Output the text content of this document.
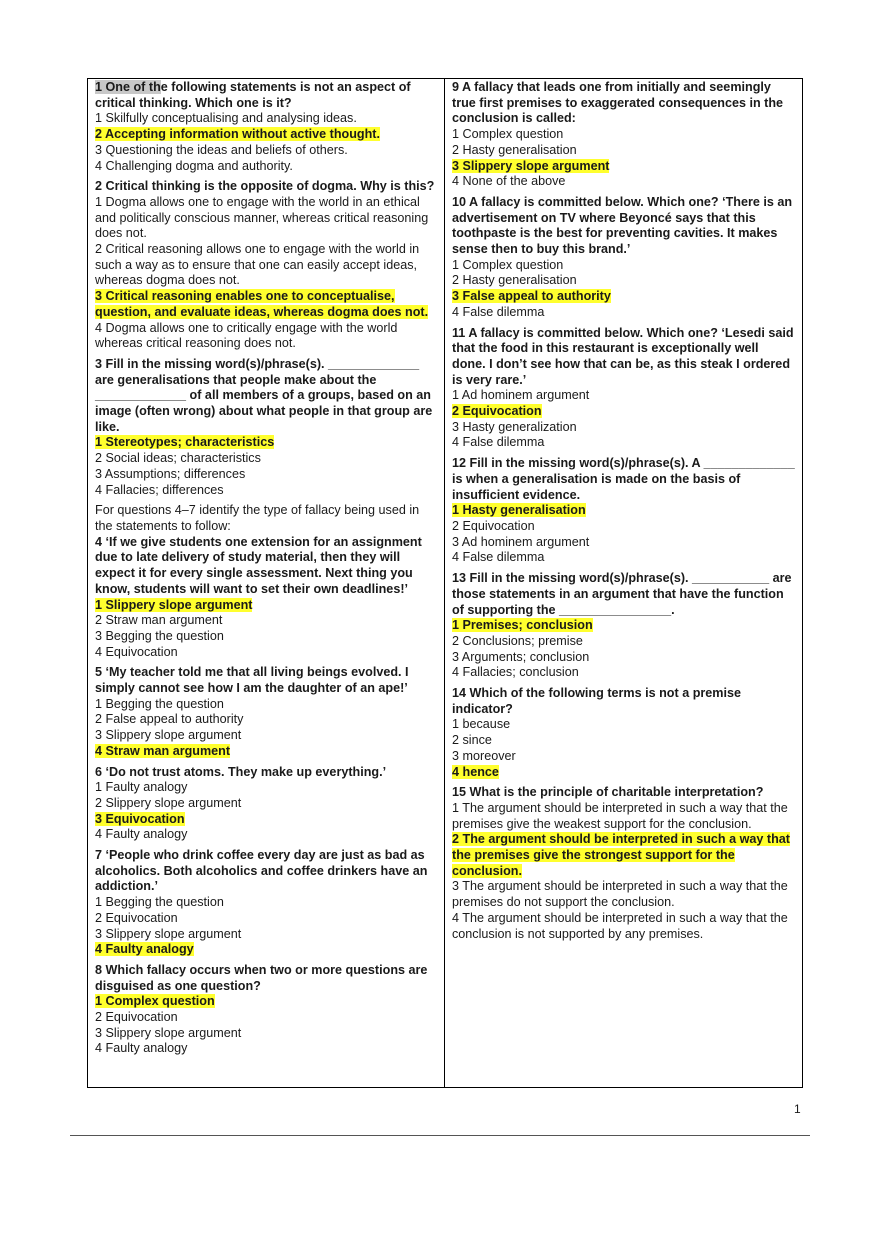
1 One of the following statements is not an aspect of critical thinking. Which one is it?

1 Skilfully conceptualising and analysing ideas.

2 Accepting information without active thought.

3 Questioning the ideas and beliefs of others.

4 Challenging dogma and authority.

2 Critical thinking is the opposite of dogma. Why is this?

1 Dogma allows one to engage with the world in an ethical and politically conscious manner, whereas critical reasoning does not.

2 Critical reasoning allows one to engage with the world in such a way as to ensure that one can easily accept ideas, whereas dogma does not.

3 Critical reasoning enables one to conceptualise, question, and evaluate ideas, whereas dogma does not.

4 Dogma allows one to critically engage with the world whereas critical reasoning does not.

3 Fill in the missing word(s)/phrase(s). _____________ are generalisations that people make about the _____________ of all members of a groups, based on an image (often wrong) about what people in that group are like.

1 Stereotypes; characteristics

2 Social ideas; characteristics

3 Assumptions; differences

4 Fallacies; differences

For questions 4–7 identify the type of fallacy being used in the statements to follow:

4 ‘If we give students one extension for an assignment due to late delivery of study material, then they will expect it for every single assessment. Next thing you know, students will want to set their own deadlines!’

1 Slippery slope argument

2 Straw man argument

3 Begging the question

4 Equivocation

5 ‘My teacher told me that all living beings evolved. I simply cannot see how I am the daughter of an ape!’

1 Begging the question

2 False appeal to authority

3 Slippery slope argument

4 Straw man argument

6 ‘Do not trust atoms. They make up everything.’

1 Faulty analogy

2 Slippery slope argument

3 Equivocation

4 Faulty analogy

7 ‘People who drink coffee every day are just as bad as alcoholics. Both alcoholics and coffee drinkers have an addiction.’

1 Begging the question

2 Equivocation

3 Slippery slope argument

4 Faulty analogy

8 Which fallacy occurs when two or more questions are disguised as one question?

1 Complex question

2 Equivocation

3 Slippery slope argument

4 Faulty analogy

9 A fallacy that leads one from initially and seemingly true first premises to exaggerated consequences in the conclusion is called:

1 Complex question

2 Hasty generalisation

3 Slippery slope argument

4 None of the above

10 A fallacy is committed below. Which one? ‘There is an advertisement on TV where Beyoncé says that this toothpaste is the best for preventing cavities. It makes sense then to buy this brand.’

1 Complex question

2 Hasty generalisation

3 False appeal to authority

4 False dilemma

11 A fallacy is committed below. Which one? ‘Lesedi said that the food in this restaurant is exceptionally well done. I don’t see how that can be, as this steak I ordered is very rare.’

1 Ad hominem argument

2 Equivocation

3 Hasty generalization

4 False dilemma

12 Fill in the missing word(s)/phrase(s). A _____________ is when a generalisation is made on the basis of insufficient evidence.

1 Hasty generalisation

2 Equivocation

3 Ad hominem argument

4 False dilemma

13 Fill in the missing word(s)/phrase(s). ___________ are those statements in an argument that have the function of supporting the ________________.

1 Premises; conclusion

2 Conclusions; premise

3 Arguments; conclusion

4 Fallacies; conclusion

14 Which of the following terms is not a premise indicator?

1 because

2 since

3 moreover

4 hence

15 What is the principle of charitable interpretation?

1 The argument should be interpreted in such a way that the premises give the weakest support for the conclusion.

2 The argument should be interpreted in such a way that the premises give the strongest support for the conclusion.

3 The argument should be interpreted in such a way that the premises do not support the conclusion.

4 The argument should be interpreted in such a way that the conclusion is not supported by any premises.

1
